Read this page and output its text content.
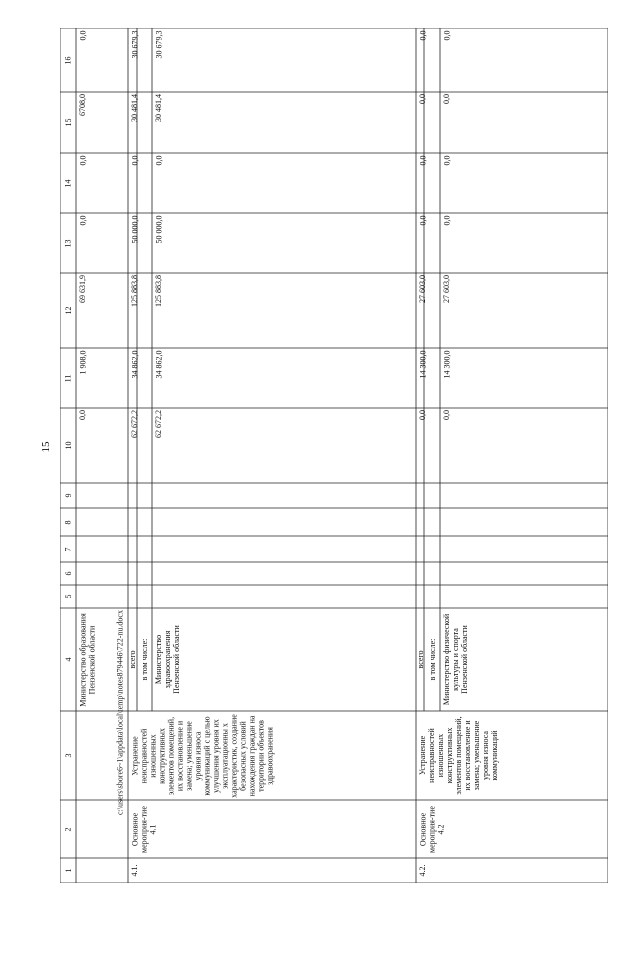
15
c:\users\sbore6~1\appdata\local\temp\notes879446\722-nu.docx
1
2
3
4
5
6
7
8
9
10
11
12
13
14
15
16
Министерство образования Пензенской области
0,0
1 908,0
69 631,9
0,0
0,0
6708,0
0,0
4.1.
Основное мероприя-тие 4.1
Устранение неисправностей изношенных конструктивных элементов помещений, их восстановление и замена; уменьшение уровня износа коммуникаций с целью улучшения уровня их эксплуатационны х характеристик, создание безопасных условий нахождения граждан на территории объектов здравоохранения
всего
62 672,2
34 862,0
125 883,8
50 000,0
0,0
30 481,4
30 679,3
в том числе: Министерство здравоохранения Пензенской области
62 672,2
34 862,0
125 883,8
50 000,0
0,0
30 481,4
30 679,3
4.2.
Основное мероприя-тие 4.2
Устранение неисправностей изношенных конструктивных элементов помещений, их восстановление и замена; уменьшение уровня износа коммуникаций
всего
0,0
14 300,0
27 603,0
0,0
0,0
0,0
0,0
в том числе: Министерство физической культуры и спорта Пензенской области
0,0
14 300,0
27 603,0
0,0
0,0
0,0
0,0
